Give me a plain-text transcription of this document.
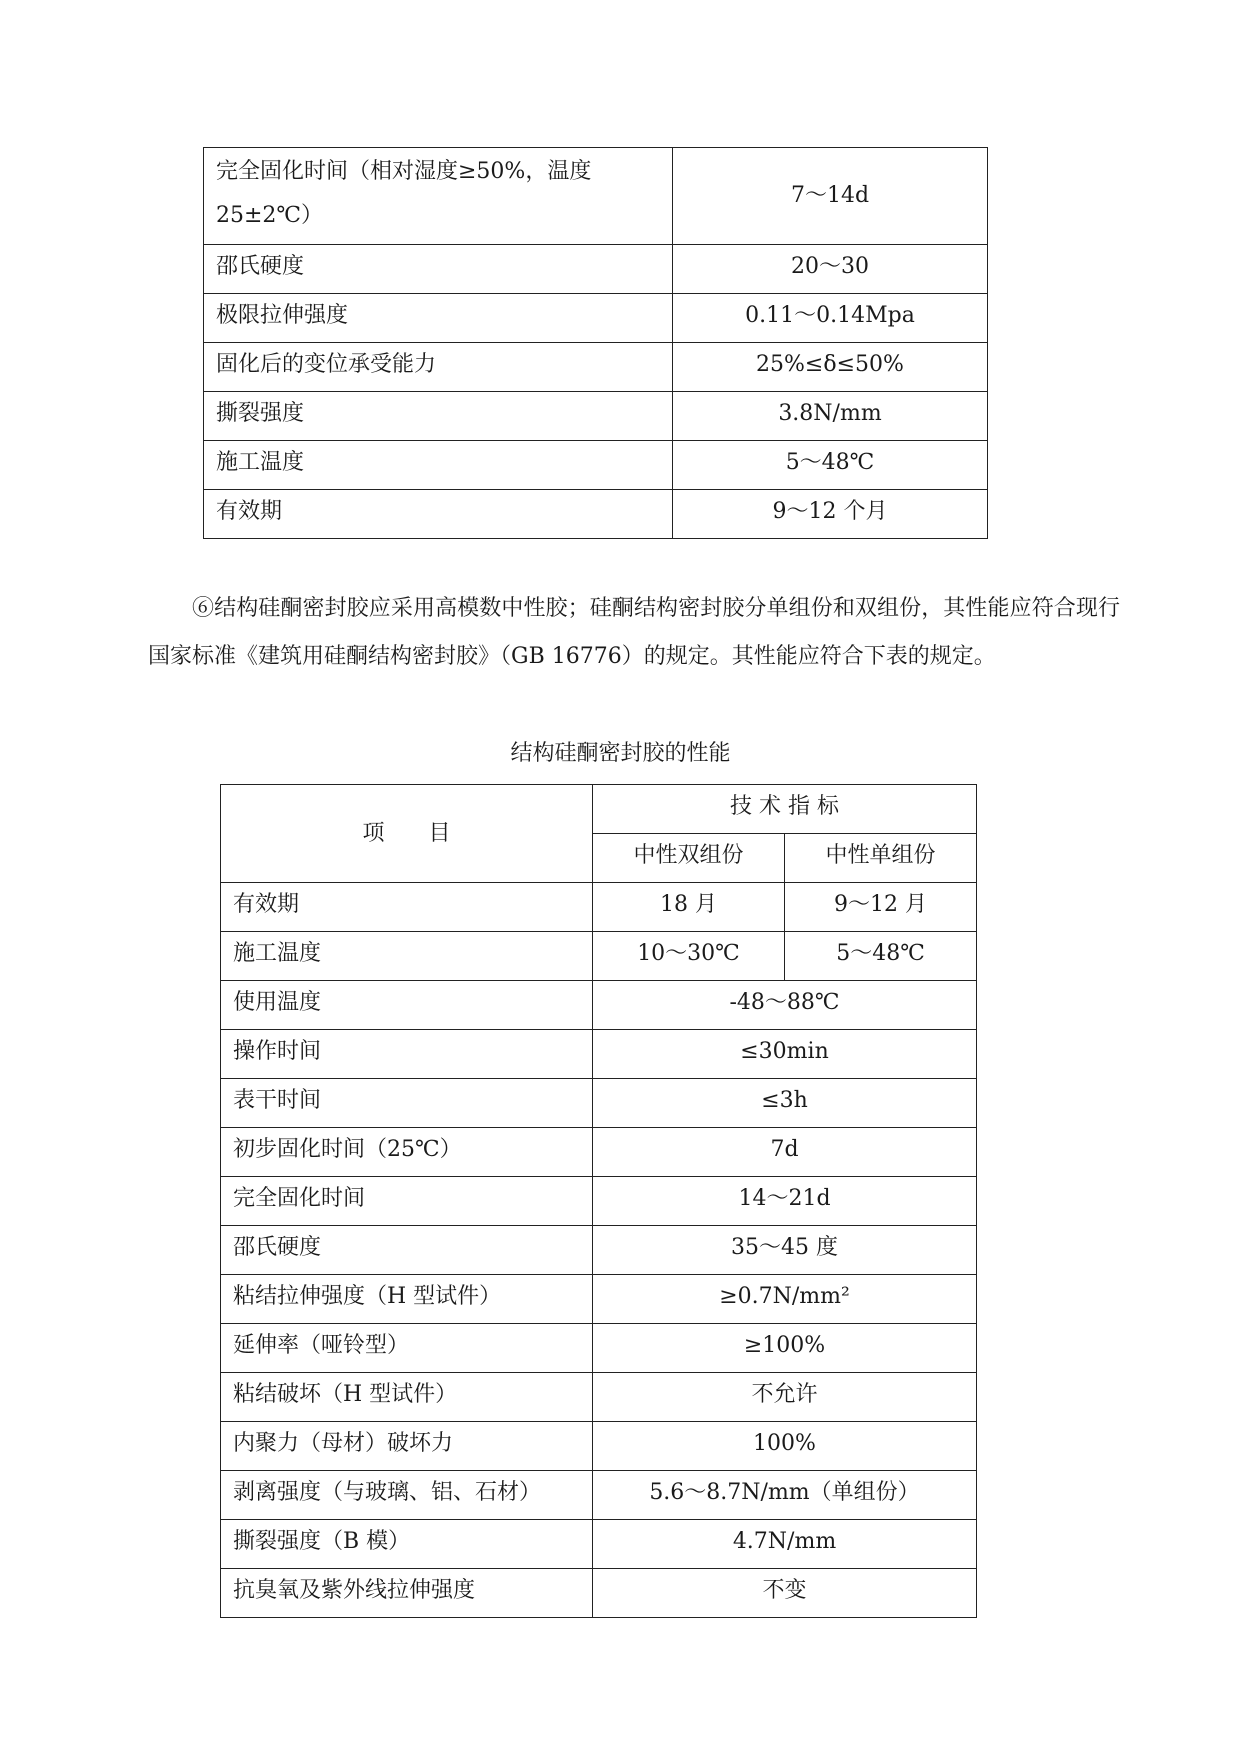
完全固化时间（相对湿度≥50%，温度 25±2℃）	7～14d
邵氏硬度	20～30
极限拉伸强度	0.11～0.14Mpa
固化后的变位承受能力	25%≤δ≤50%
撕裂强度	3.8N/mm
施工温度	5～48℃
有效期	9～12 个月

⑥结构硅酮密封胶应采用高模数中性胶；硅酮结构密封胶分单组份和双组份，其性能应符合现行国家标准《建筑用硅酮结构密封胶》（GB 16776）的规定。其性能应符合下表的规定。

结构硅酮密封胶的性能
项　　目	技 术 指 标	
	中性双组份	中性单组份
有效期	18 月	9～12 月
施工温度	10～30℃	5～48℃
使用温度	-48～88℃	
操作时间	≤30min	
表干时间	≤3h	
初步固化时间（25℃）	7d	
完全固化时间	14～21d	
邵氏硬度	35～45 度	
粘结拉伸强度（H 型试件）	≥0.7N/mm²	
延伸率（哑铃型）	≥100%	
粘结破坏（H 型试件）	不允许	
内聚力（母材）破坏力	100%	
剥离强度（与玻璃、铝、石材）	5.6～8.7N/mm（单组份）	
撕裂强度（B 模）	4.7N/mm	
抗臭氧及紫外线拉伸强度	不变	
